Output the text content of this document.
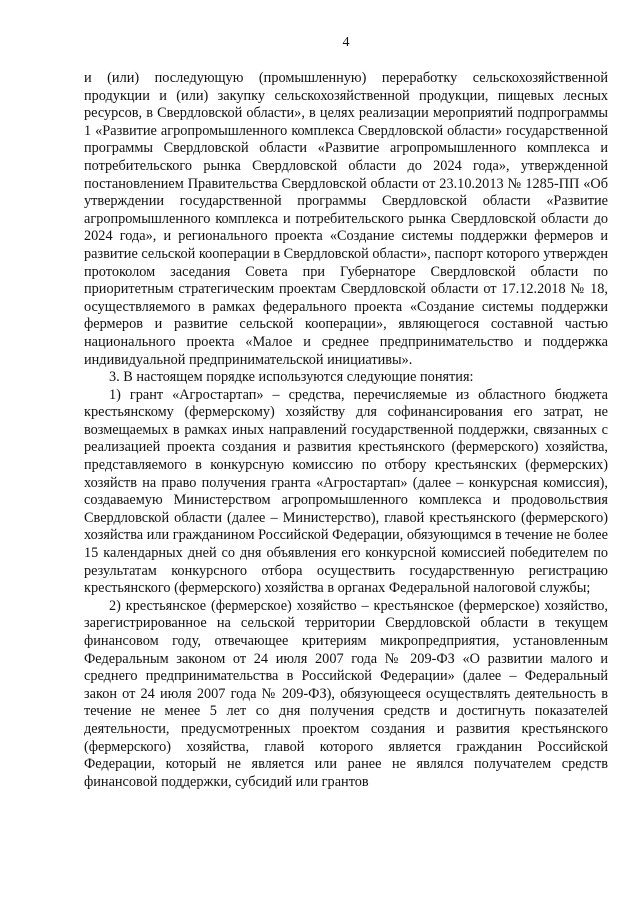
4

и (или) последующую (промышленную) переработку сельскохозяйственной продукции и (или) закупку сельскохозяйственной продукции, пищевых лесных ресурсов, в Свердловской области», в целях реализации мероприятий подпрограммы 1 «Развитие агропромышленного комплекса Свердловской области» государственной программы Свердловской области «Развитие агропромышленного комплекса и потребительского рынка Свердловской области до 2024 года», утвержденной постановлением Правительства Свердловской области от 23.10.2013 № 1285-ПП «Об утверждении государственной программы Свердловской области «Развитие агропромышленного комплекса и потребительского рынка Свердловской области до 2024 года», и регионального проекта «Создание системы поддержки фермеров и развитие сельской кооперации в Свердловской области», паспорт которого утвержден протоколом заседания Совета при Губернаторе Свердловской области по приоритетным стратегическим проектам Свердловской области от 17.12.2018 № 18, осуществляемого в рамках федерального проекта «Создание системы поддержки фермеров и развитие сельской кооперации», являющегося составной частью национального проекта «Малое и среднее предпринимательство и поддержка индивидуальной предпринимательской инициативы».

3. В настоящем порядке используются следующие понятия:

1) грант «Агростартап» – средства, перечисляемые из областного бюджета крестьянскому (фермерскому) хозяйству для софинансирования его затрат, не возмещаемых в рамках иных направлений государственной поддержки, связанных с реализацией проекта создания и развития крестьянского (фермерского) хозяйства, представляемого в конкурсную комиссию по отбору крестьянских (фермерских) хозяйств на право получения гранта «Агростартап» (далее – конкурсная комиссия), создаваемую Министерством агропромышленного комплекса и продовольствия Свердловской области (далее – Министерство), главой крестьянского (фермерского) хозяйства или гражданином Российской Федерации, обязующимся в течение не более 15 календарных дней со дня объявления его конкурсной комиссией победителем по результатам конкурсного отбора осуществить государственную регистрацию крестьянского (фермерского) хозяйства в органах Федеральной налоговой службы;

2) крестьянское (фермерское) хозяйство – крестьянское (фермерское) хозяйство, зарегистрированное на сельской территории Свердловской области в текущем финансовом году, отвечающее критериям микропредприятия, установленным Федеральным законом от 24 июля 2007 года № 209-ФЗ «О развитии малого и среднего предпринимательства в Российской Федерации» (далее – Федеральный закон от 24 июля 2007 года № 209-ФЗ), обязующееся осуществлять деятельность в течение не менее 5 лет со дня получения средств и достигнуть показателей деятельности, предусмотренных проектом создания и развития крестьянского (фермерского) хозяйства, главой которого является гражданин Российской Федерации, который не является или ранее не являлся получателем средств финансовой поддержки, субсидий или грантов
